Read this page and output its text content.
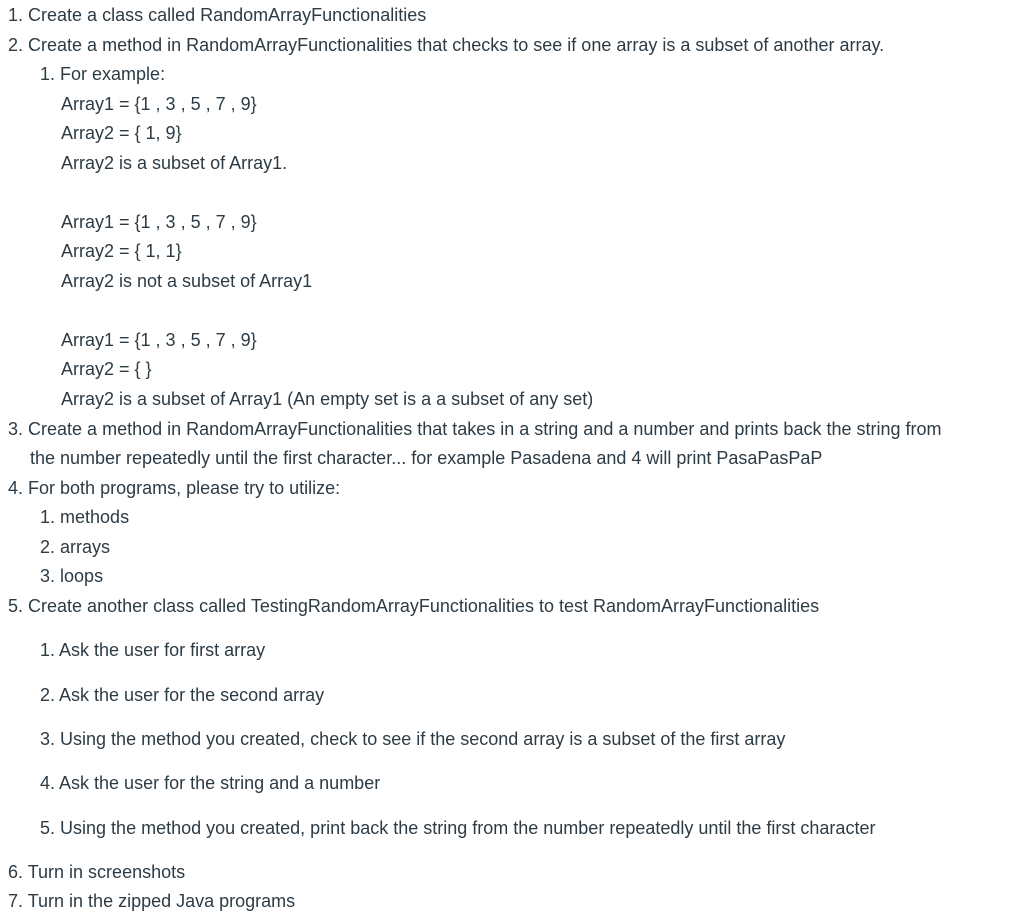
1. Create a class called RandomArrayFunctionalities
2. Create a method in RandomArrayFunctionalities that checks to see if one array is a subset of another array.
1. For example:
Array1 = {1 , 3 , 5 , 7 , 9}
Array2 = { 1, 9}
Array2 is a subset of Array1.
Array1 = {1 , 3 , 5 , 7 , 9}
Array2 = { 1, 1}
Array2 is not a subset of Array1
Array1 = {1 , 3 , 5 , 7 , 9}
Array2 = { }
Array2 is a subset of Array1 (An empty set is a a subset of any set)
3. Create a method in RandomArrayFunctionalities that takes in a string and a number and prints back the string from
the number repeatedly until the first character... for example Pasadena and 4 will print PasaPasPaP
4. For both programs, please try to utilize:
1. methods
2. arrays
3. loops
5. Create another class called TestingRandomArrayFunctionalities to test RandomArrayFunctionalities
1. Ask the user for first array
2. Ask the user for the second array
3. Using the method you created, check to see if the second array is a subset of the first array
4. Ask the user for the string and a number
5. Using the method you created, print back the string from the number repeatedly until the first character
6. Turn in screenshots
7. Turn in the zipped Java programs
